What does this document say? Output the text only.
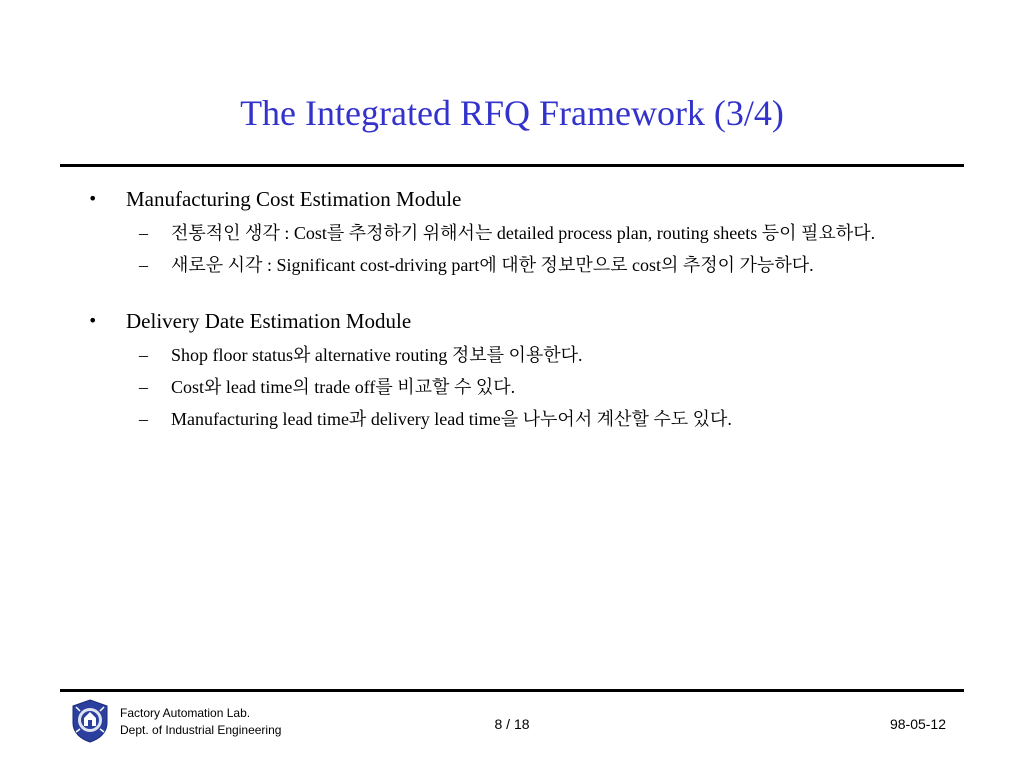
The Integrated RFQ Framework (3/4)
• Manufacturing Cost Estimation Module
– 전통적인 생각 : Cost를 추정하기 위해서는 detailed process plan, routing sheets 등이 필요하다.
– 새로운 시각 : Significant cost-driving part에 대한 정보만으로 cost의 추정이 가능하다.
• Delivery Date Estimation Module
– Shop floor status와 alternative routing 정보를 이용한다.
– Cost와 lead time의 trade off를 비교할 수 있다.
– Manufacturing lead time과 delivery lead time을 나누어서 계산할 수도 있다.
Factory Automation Lab.
Dept. of Industrial Engineering	8 / 18	98-05-12
